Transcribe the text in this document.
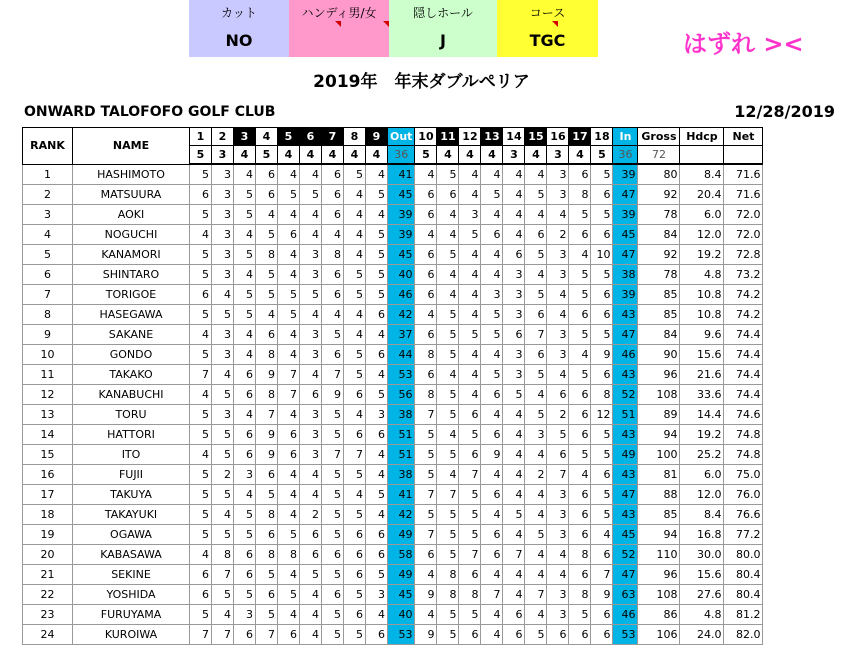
カット
NO
ハンディ男/女	隠しホール
J
コース
TGC	はずれ ><
2019年　年末ダブルペリア
ONWARD TALOFOFO GOLF CLUB	12/28/2019
RANK	NAME	1	2	3	4	5	6	7	8	9	Out	10	11	12	13	14	15	16	17	18	In	Gross	Hdcp	Net
		5	3	4	5	4	4	4	4	4	36	5	4	4	4	3	4	3	4	5	36	72		
1	HASHIMOTO	5	3	4	6	4	4	6	5	4	41	4	5	4	4	4	4	3	6	5	39	80	8.4	71.6
2	MATSUURA	6	3	5	6	5	5	6	4	5	45	6	6	4	5	4	5	3	8	6	47	92	20.4	71.6
3	AOKI	5	3	5	4	4	4	6	4	4	39	6	4	3	4	4	4	4	5	5	39	78	6.0	72.0
4	NOGUCHI	4	3	4	5	6	4	4	4	5	39	4	4	5	6	4	6	2	6	6	45	84	12.0	72.0
5	KANAMORI	5	3	5	8	4	3	8	4	5	45	6	5	4	4	6	5	3	4	10	47	92	19.2	72.8
6	SHINTARO	5	3	4	5	4	3	6	5	5	40	6	4	4	4	3	4	3	5	5	38	78	4.8	73.2
7	TORIGOE	6	4	5	5	5	5	6	5	5	46	6	4	4	3	3	5	4	5	6	39	85	10.8	74.2
8	HASEGAWA	5	5	5	4	5	4	4	4	6	42	4	5	4	5	3	6	4	6	6	43	85	10.8	74.2
9	SAKANE	4	3	4	6	4	3	5	4	4	37	6	5	5	5	6	7	3	5	5	47	84	9.6	74.4
10	GONDO	5	3	4	8	4	3	6	5	6	44	8	5	4	4	3	6	3	4	9	46	90	15.6	74.4
11	TAKAKO	7	4	6	9	7	4	7	5	4	53	6	4	4	5	3	5	4	5	6	43	96	21.6	74.4
12	KANABUCHI	4	5	6	8	7	6	9	6	5	56	8	5	4	6	5	4	6	6	8	52	108	33.6	74.4
13	TORU	5	3	4	7	4	3	5	4	3	38	7	5	6	4	4	5	2	6	12	51	89	14.4	74.6
14	HATTORI	5	5	6	9	6	3	5	6	6	51	5	4	5	6	4	3	5	6	5	43	94	19.2	74.8
15	ITO	4	5	6	9	6	3	7	7	4	51	5	5	6	9	4	4	6	5	5	49	100	25.2	74.8
16	FUJII	5	2	3	6	4	4	5	5	4	38	5	4	7	4	4	2	7	4	6	43	81	6.0	75.0
17	TAKUYA	5	5	4	5	4	4	5	4	5	41	7	7	5	6	4	4	3	6	5	47	88	12.0	76.0
18	TAKAYUKI	5	4	5	8	4	2	5	5	4	42	5	5	5	4	5	4	3	6	5	43	85	8.4	76.6
19	OGAWA	5	5	5	6	5	6	5	6	6	49	7	5	5	6	4	5	3	6	4	45	94	16.8	77.2
20	KABASAWA	4	8	6	8	8	6	6	6	6	58	6	5	7	6	7	4	4	8	6	52	110	30.0	80.0
21	SEKINE	6	7	6	5	4	5	5	6	5	49	4	8	6	4	4	4	4	6	7	47	96	15.6	80.4
22	YOSHIDA	6	5	5	6	5	4	6	5	3	45	9	8	8	7	4	7	3	8	9	63	108	27.6	80.4
23	FURUYAMA	5	4	3	5	4	4	5	6	4	40	4	5	5	4	6	4	3	5	6	46	86	4.8	81.2
24	KUROIWA	7	7	6	7	6	4	5	5	6	53	9	5	6	4	6	5	6	6	6	53	106	24.0	82.0
